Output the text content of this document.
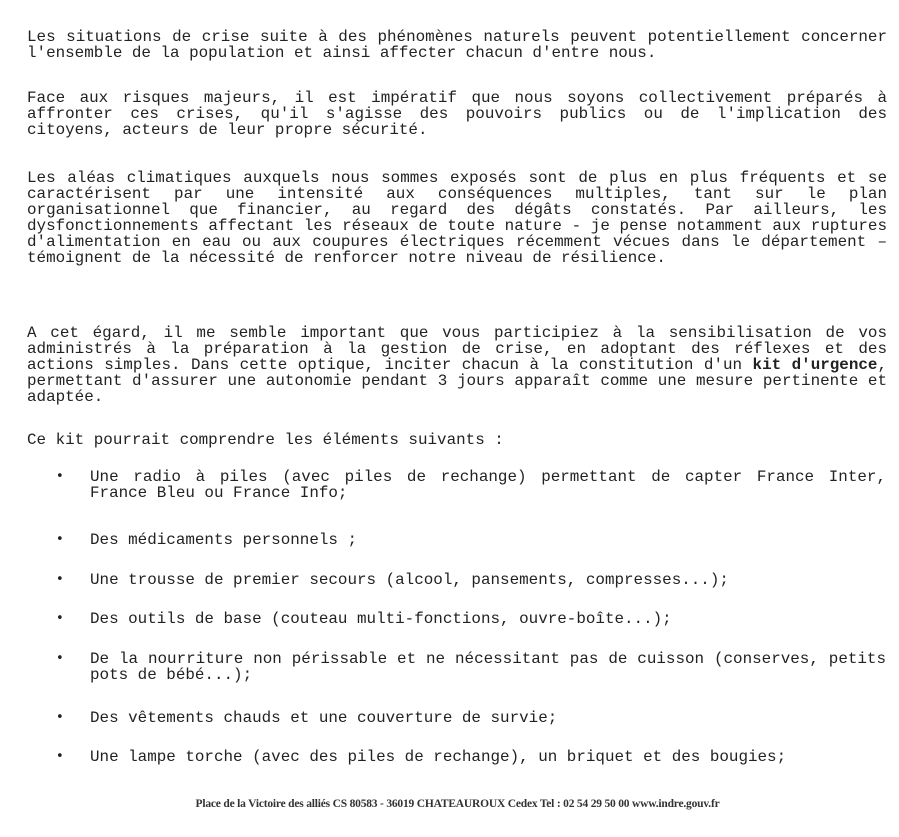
Les situations de crise suite à des phénomènes naturels peuvent potentiellement concerner l'ensemble de la population et ainsi affecter chacun d'entre nous.

Face aux risques majeurs, il est impératif que nous soyons collectivement préparés à affronter ces crises, qu'il s'agisse des pouvoirs publics ou de l'implication des citoyens, acteurs de leur propre sécurité.

Les aléas climatiques auxquels nous sommes exposés sont de plus en plus fréquents et se caractérisent par une intensité aux conséquences multiples, tant sur le plan organisationnel que financier, au regard des dégâts constatés. Par ailleurs, les dysfonctionnements affectant les réseaux de toute nature - je pense notamment aux ruptures d'alimentation en eau ou aux coupures électriques récemment vécues dans le département – témoignent de la nécessité de renforcer notre niveau de résilience.

A cet égard, il me semble important que vous participiez à la sensibilisation de vos administrés à la préparation à la gestion de crise, en adoptant des réflexes et des actions simples. Dans cette optique, inciter chacun à la constitution d'un kit d'urgence, permettant d'assurer une autonomie pendant 3 jours apparaît comme une mesure pertinente et adaptée.

Ce kit pourrait comprendre les éléments suivants :

• Une radio à piles (avec piles de rechange) permettant de capter France Inter, France Bleu ou France Info;
• Des médicaments personnels ;
• Une trousse de premier secours (alcool, pansements, compresses...);
• Des outils de base (couteau multi-fonctions, ouvre-boîte...);
• De la nourriture non périssable et ne nécessitant pas de cuisson (conserves, petits pots de bébé...);
• Des vêtements chauds et une couverture de survie;
• Une lampe torche (avec des piles de rechange), un briquet et des bougies;
Place de la Victoire des alliés CS 80583 - 36019 CHATEAUROUX Cedex Tel : 02 54 29 50 00 www.indre.gouv.fr
